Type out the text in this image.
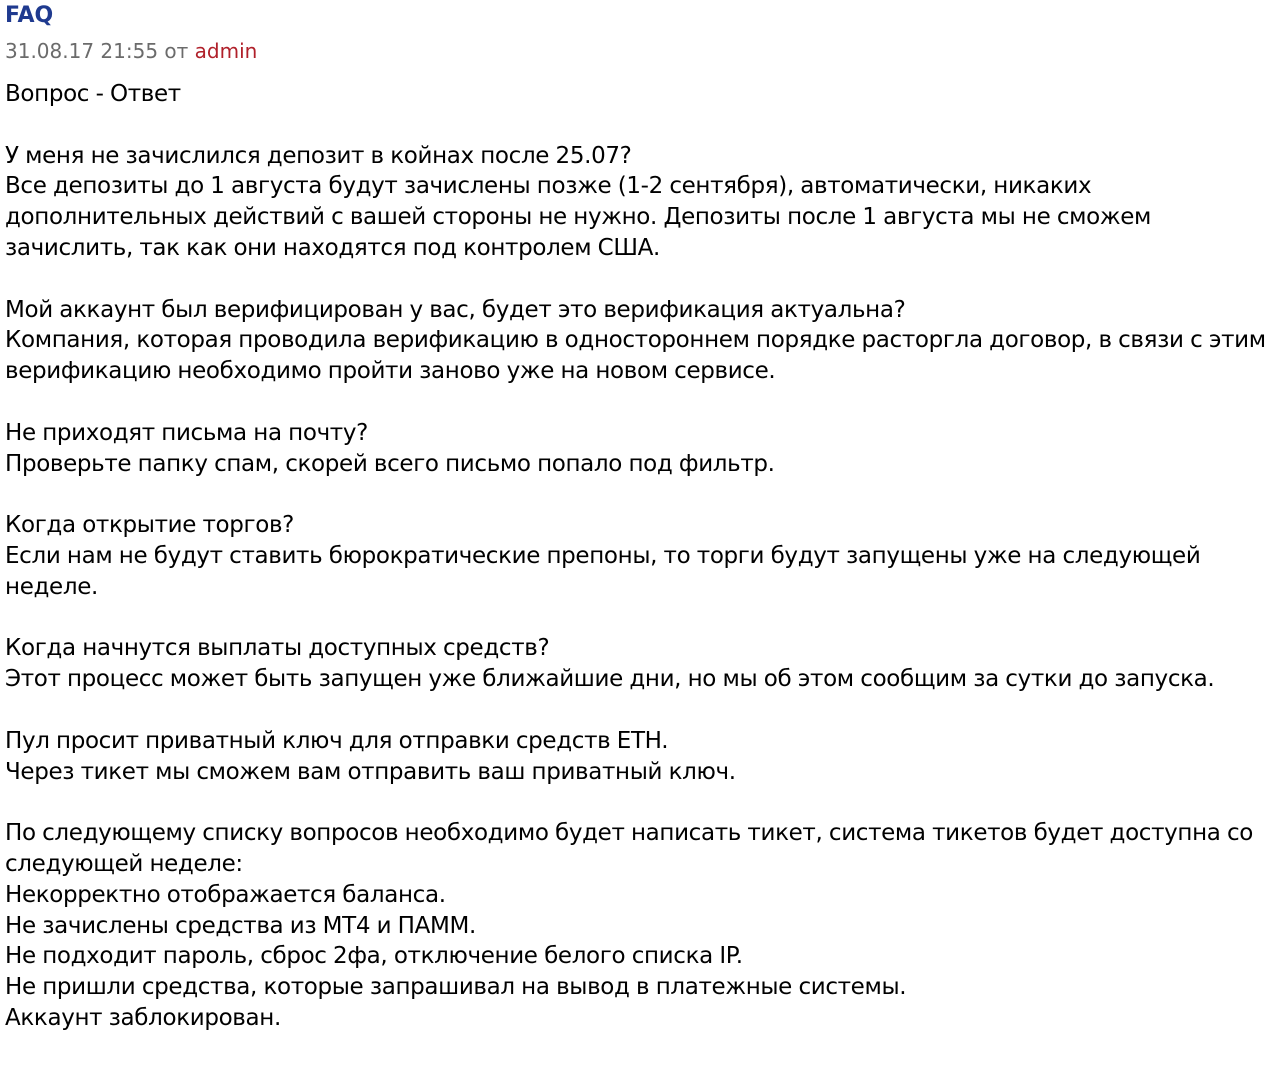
FAQ
31.08.17 21:55 от admin

Вопрос - Ответ

У меня не зачислился депозит в койнах после 25.07?
Все депозиты до 1 августа будут зачислены позже (1-2 сентября), автоматически, никаких дополнительных действий с вашей стороны не нужно. Депозиты после 1 августа мы не сможем зачислить, так как они находятся под контролем США.

Мой аккаунт был верифицирован у вас, будет это верификация актуальна?
Компания, которая проводила верификацию в одностороннем порядке расторгла договор, в связи с этим верификацию необходимо пройти заново уже на новом сервисе.

Не приходят письма на почту?
Проверьте папку спам, скорей всего письмо попало под фильтр.

Когда открытие торгов?
Если нам не будут ставить бюрократические препоны, то торги будут запущены уже на следующей неделе.

Когда начнутся выплаты доступных средств?
Этот процесс может быть запущен уже ближайшие дни, но мы об этом сообщим за сутки до запуска.

Пул просит приватный ключ для отправки средств ETH.
Через тикет мы сможем вам отправить ваш приватный ключ.

По следующему списку вопросов необходимо будет написать тикет, система тикетов будет доступна со следующей неделе:
Некорректно отображается баланса.
Не зачислены средства из МТ4 и ПАММ.
Не подходит пароль, сброс 2фа, отключение белого списка IP.
Не пришли средства, которые запрашивал на вывод в платежные системы.
Аккаунт заблокирован.
